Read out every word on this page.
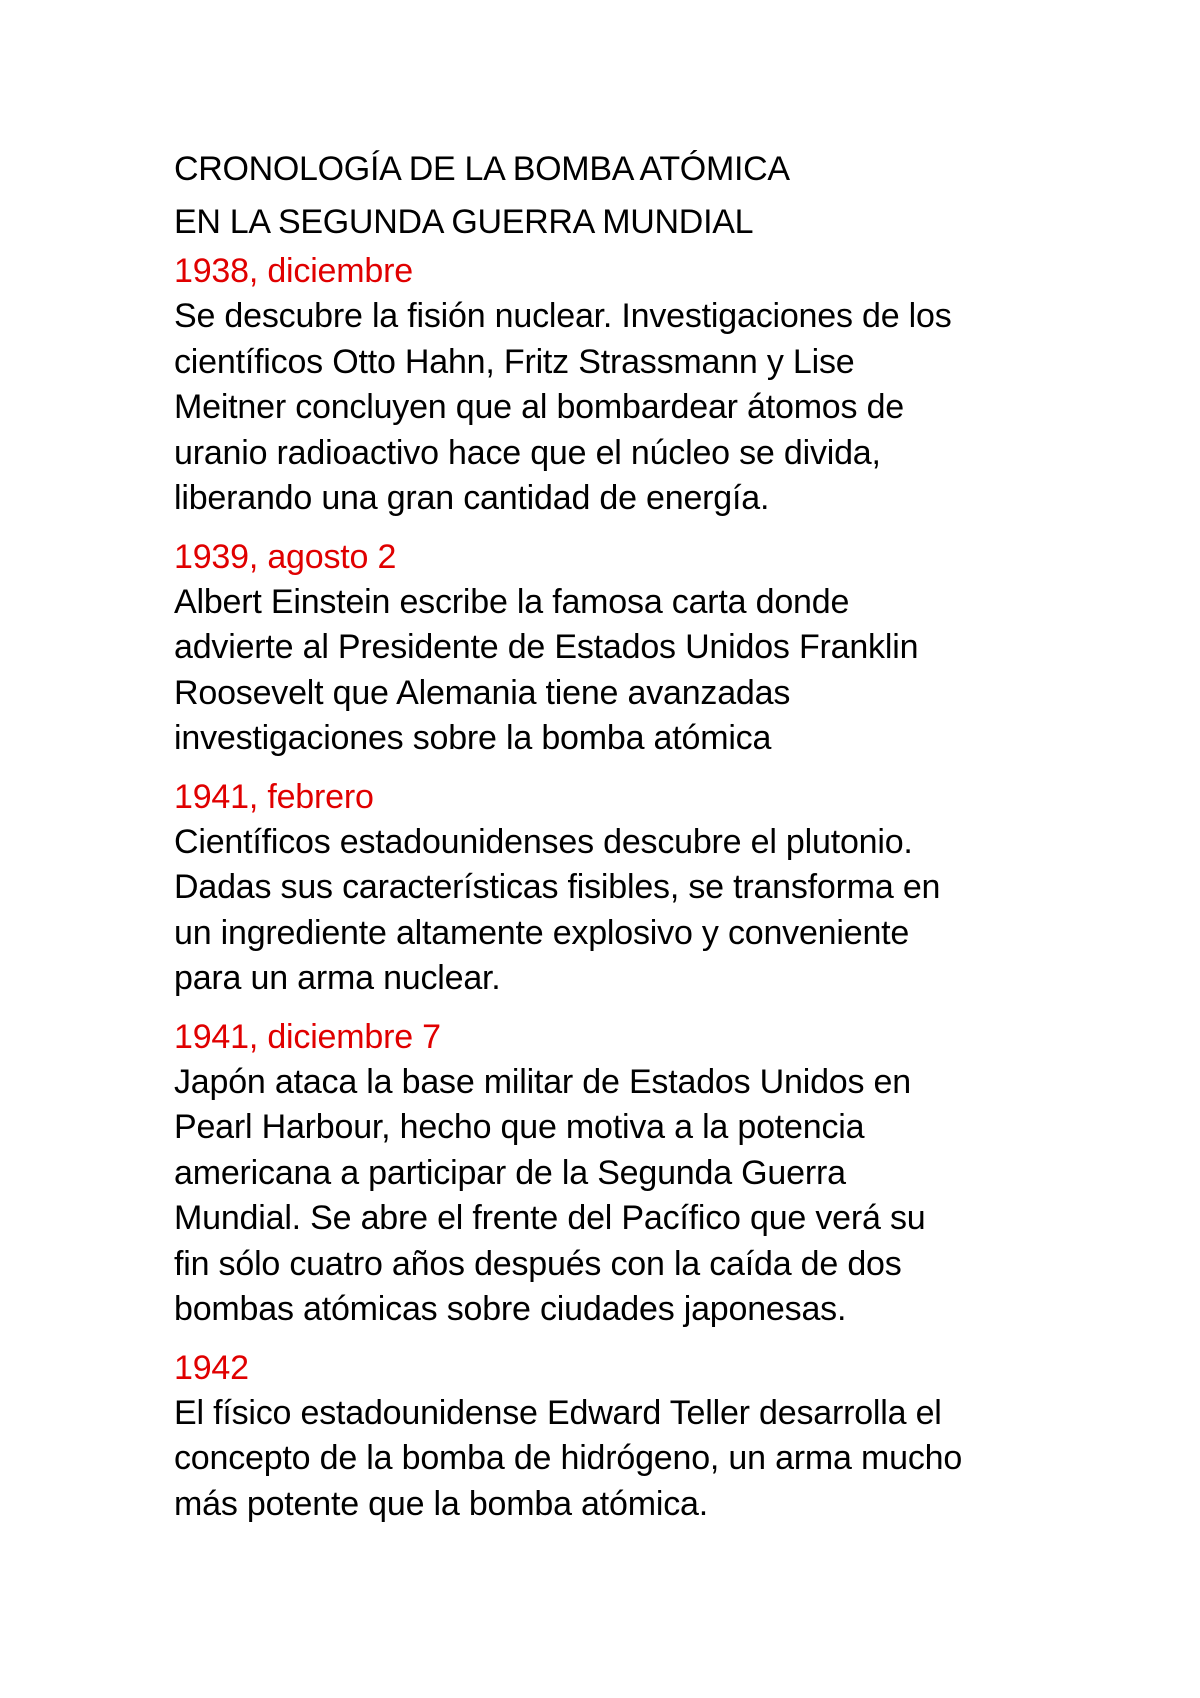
CRONOLOGÍA DE LA BOMBA ATÓMICA

EN LA SEGUNDA GUERRA MUNDIAL

1938, diciembre

Se descubre la fisión nuclear. Investigaciones de los
científicos Otto Hahn, Fritz Strassmann y Lise
Meitner concluyen que al bombardear átomos de
uranio radioactivo hace que el núcleo se divida,
liberando una gran cantidad de energía.

1939, agosto 2

Albert Einstein escribe la famosa carta donde
advierte al Presidente de Estados Unidos Franklin
Roosevelt que Alemania tiene avanzadas
investigaciones sobre la bomba atómica

1941, febrero

Científicos estadounidenses descubre el plutonio.
Dadas sus características fisibles, se transforma en
un ingrediente altamente explosivo y conveniente
para un arma nuclear.

1941, diciembre 7

Japón ataca la base militar de Estados Unidos en
Pearl Harbour, hecho que motiva a la potencia
americana a participar de la Segunda Guerra
Mundial. Se abre el frente del Pacífico que verá su
fin sólo cuatro años después con la caída de dos
bombas atómicas sobre ciudades japonesas.

1942

El físico estadounidense Edward Teller desarrolla el
concepto de la bomba de hidrógeno, un arma mucho
más potente que la bomba atómica.
